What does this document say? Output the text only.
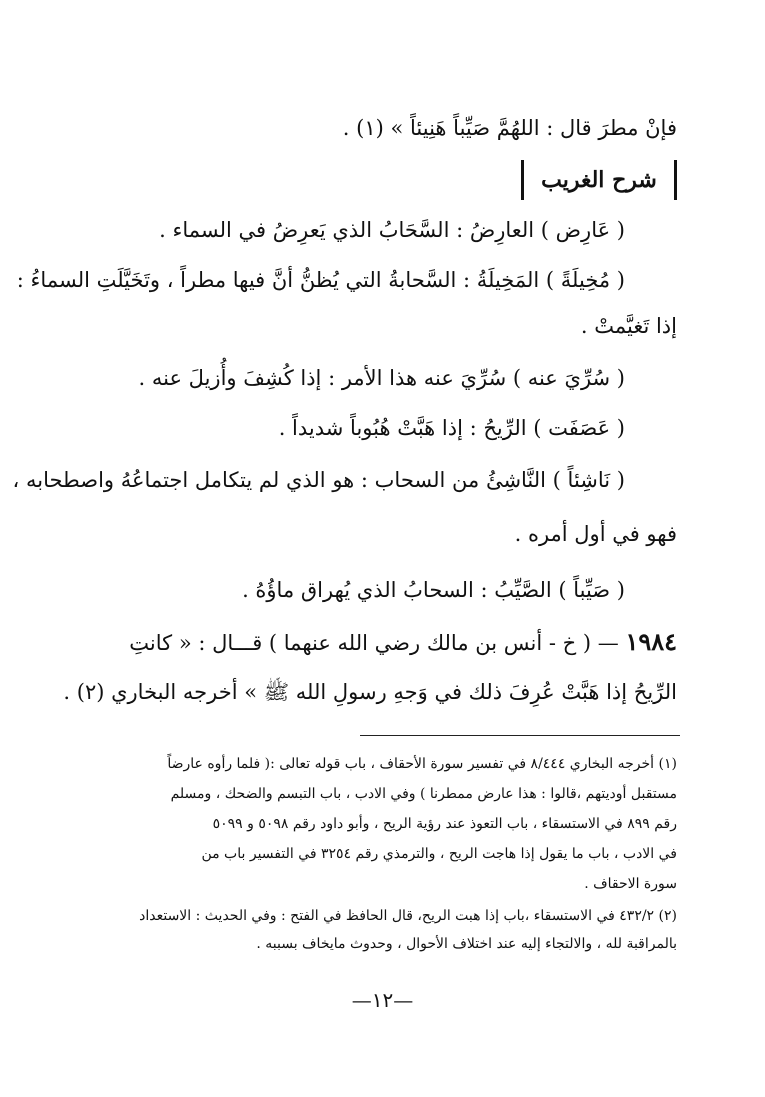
فإنْ مطرَ قال : اللهُمَّ صَيِّباً هَنِيئاً » (١) .
شرح الغريب
( عَارِض ) العارِضُ : السَّحَابُ الذي يَعرِضُ في السماء .
( مُخِيلَةً ) المَخِيلَةُ : السَّحابةُ التي يُظنُّ أنَّ فيها مطراً ، وتَخَيَّلَتِ السماءُ :
إذا تَغيَّمتْ .
( سُرِّيَ عنه ) سُرِّيَ عنه هذا الأمر : إذا كُشِفَ وأُزيلَ عنه .
( عَصَفَت ) الرِّيحُ : إذا هَبَّتْ هُبُوباً شديداً .
( نَاشِئاً ) النَّاشِئُ من السحاب : هو الذي لم يتكامل اجتماعُهُ واصطحابه ،
فهو في أول أمره .
( صَيِّباً ) الصَّيِّبُ : السحابُ الذي يُهراق ماؤُهُ .
١٩٨٤ — ( خ - أنس بن مالك رضي الله عنهما ) قـــال : « كانتِ
الرِّيحُ إذا هَبَّتْ عُرِفَ ذلك في وَجهِ رسولِ الله ﷺ » أخرجه البخاري (٢) .
(١) أخرجه البخاري ٨/٤٤٤ في تفسير سورة الأحقاف ، باب قوله تعالى :( فلما رأوه عارضاً
مستقبل أوديتهم ،قالوا : هذا عارض ممطرنا ) وفي الادب ، باب التبسم والضحك ، ومسلم
رقم ٨٩٩ في الاستسقاء ، باب التعوذ عند رؤية الريح ، وأبو داود رقم ٥٠٩٨ و ٥٠٩٩
في الادب ، باب ما يقول إذا هاجت الريح ، والترمذي رقم ٣٢٥٤ في التفسير باب من
سورة الاحقاف .
(٢) ٤٣٢/٢ في الاستسقاء ،باب إذا هبت الريح، قال الحافظ في الفتح : وفي الحديث : الاستعداد
بالمراقبة لله ، والالتجاء إليه عند اختلاف الأحوال ، وحدوث مايخاف بسببه .
—١٢—
